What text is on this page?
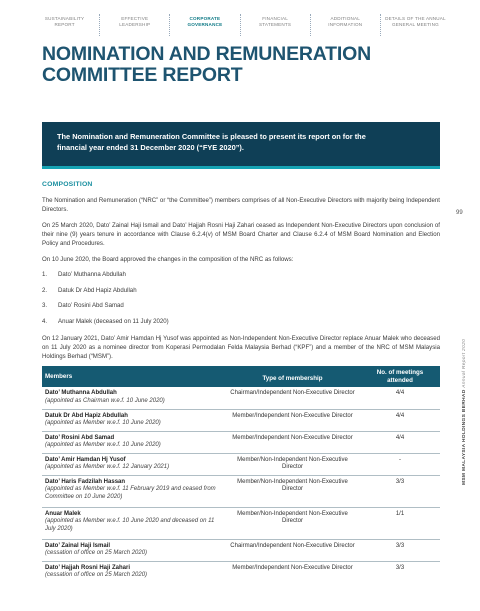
SUSTAINABILITY
REPORT
EFFECTIVE
LEADERSHIP
CORPORATE
GOVERNANCE
FINANCIAL
STATEMENTS
ADDITIONAL
INFORMATION
DETAILS OF THE ANNUAL
GENERAL MEETING
NOMINATION AND REMUNERATION
COMMITTEE REPORT
The Nomination and Remuneration Committee is pleased to present its report on for the
financial year ended 31 December 2020 (“FYE 2020”).
COMPOSITION

The Nomination and Remuneration (“NRC” or “the Committee”) members comprises of all Non-Executive Directors with majority being Independent Directors.

On 25 March 2020, Dato’ Zainal Haji Ismail and Dato’ Hajjah Rosni Haji Zahari ceased as Independent Non-Executive Directors upon conclusion of their nine (9) years tenure in accordance with Clause 6.2.4(v) of MSM Board Charter and Clause 6.2.4 of MSM Board Nomination and Election Policy and Procedures.

On 10 June 2020, the Board approved the changes in the composition of the NRC as follows:

1. Dato’ Muthanna Abdullah
2. Datuk Dr Abd Hapiz Abdullah
3. Dato’ Rosini Abd Samad
4. Anuar Malek (deceased on 11 July 2020)

On 12 January 2021, Dato’ Amir Hamdan Hj Yusof was appointed as Non-Independent Non-Executive Director replace Anuar Malek who deceased on 11 July 2020 as a nominee director from Koperasi Permodalan Felda Malaysia Berhad (“KPF”) and a member of the NRC of MSM Malaysia Holdings Berhad (“MSM”).

Members	Type of membership	No. of meetings
attended

Dato’ Muthanna Abdullah
(appointed as Chairman w.e.f. 10 June 2020)	Chairman/Independent Non-Executive Director	4/4

Datuk Dr Abd Hapiz Abdullah
(appointed as Member w.e.f. 10 June 2020)	Member/Independent Non-Executive Director	4/4

Dato’ Rosini Abd Samad
(appointed as Member w.e.f. 10 June 2020)	Member/Independent Non-Executive Director	4/4

Dato’ Amir Hamdan Hj Yusof
(appointed as Member w.e.f. 12 January 2021)	Member/Non-Independent Non-Executive Director	-

Dato’ Haris Fadzilah Hassan
(appointed as Member w.e.f. 11 February 2019 and ceased from Committee on 10 June 2020)	Member/Non-Independent Non-Executive Director	3/3

Anuar Malek
(appointed as Member w.e.f. 10 June 2020 and deceased on 11 July 2020)	Member/Non-Independent Non-Executive Director	1/1

Dato’ Zainal Haji Ismail
(cessation of office on 25 March 2020)	Chairman/Independent Non-Executive Director	3/3

Dato’ Hajjah Rosni Haji Zahari
(cessation of office on 25 March 2020)	Member/Independent Non-Executive Director	3/3
99
MSM MALAYSIA HOLDINGS BERHAD Annual Report 2020
